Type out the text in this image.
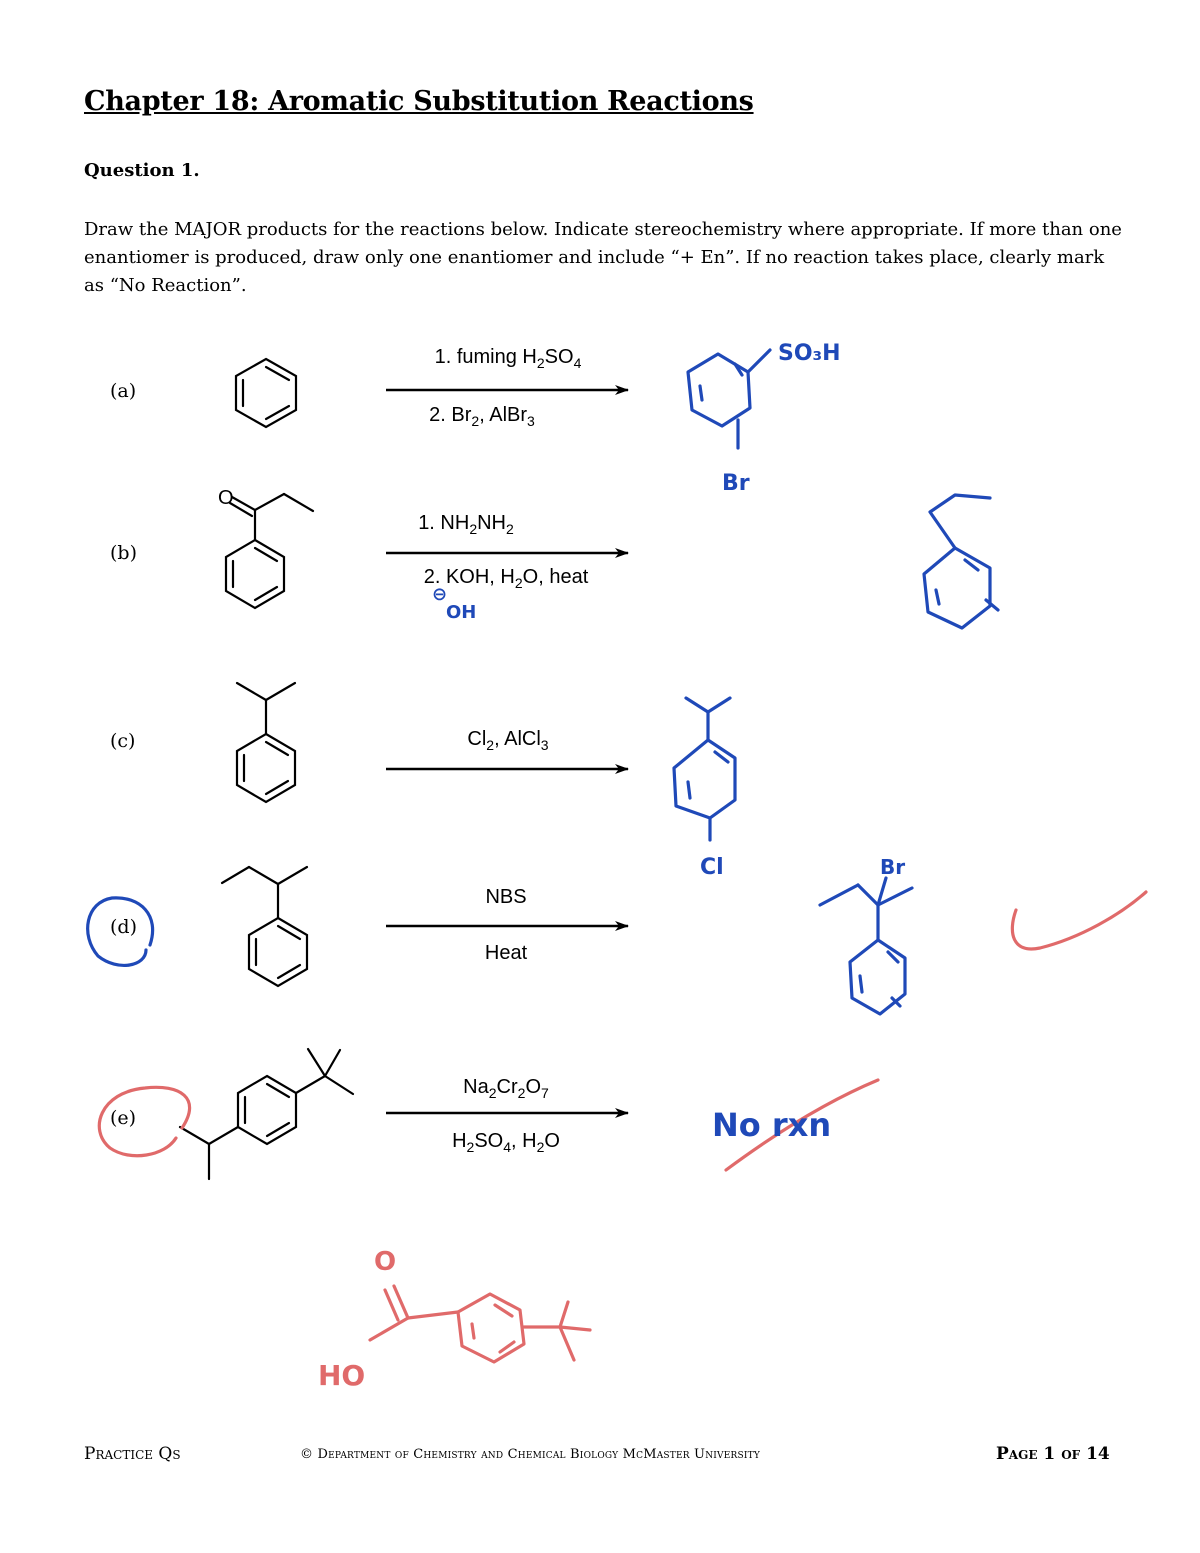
Chapter 18: Aromatic Substitution Reactions
Question 1.
Draw the MAJOR products for the reactions below. Indicate stereochemistry where appropriate. If more than one enantiomer is produced, draw only one enantiomer and include “+ En”. If no reaction takes place, clearly mark as “No Reaction”.
(a)
(b)
(c)
(d)
(e)
1. fuming $H_2SO_4$
2. $Br_2$, AlBr$_3$
1. $NH_2NH_2$
2. KOH, $H_2O$, heat
$Cl_2$, AlCl$_3$
NBS
Heat
$Na_2Cr_2O_7$
$H_2SO_4$, $H_2O$
O
SO₃H
Br
⊖
OH
Cl	Br
No rxn
O
HO
Practice Qs	© Department of Chemistry and Chemical Biology McMaster University	Page 1 of 14
